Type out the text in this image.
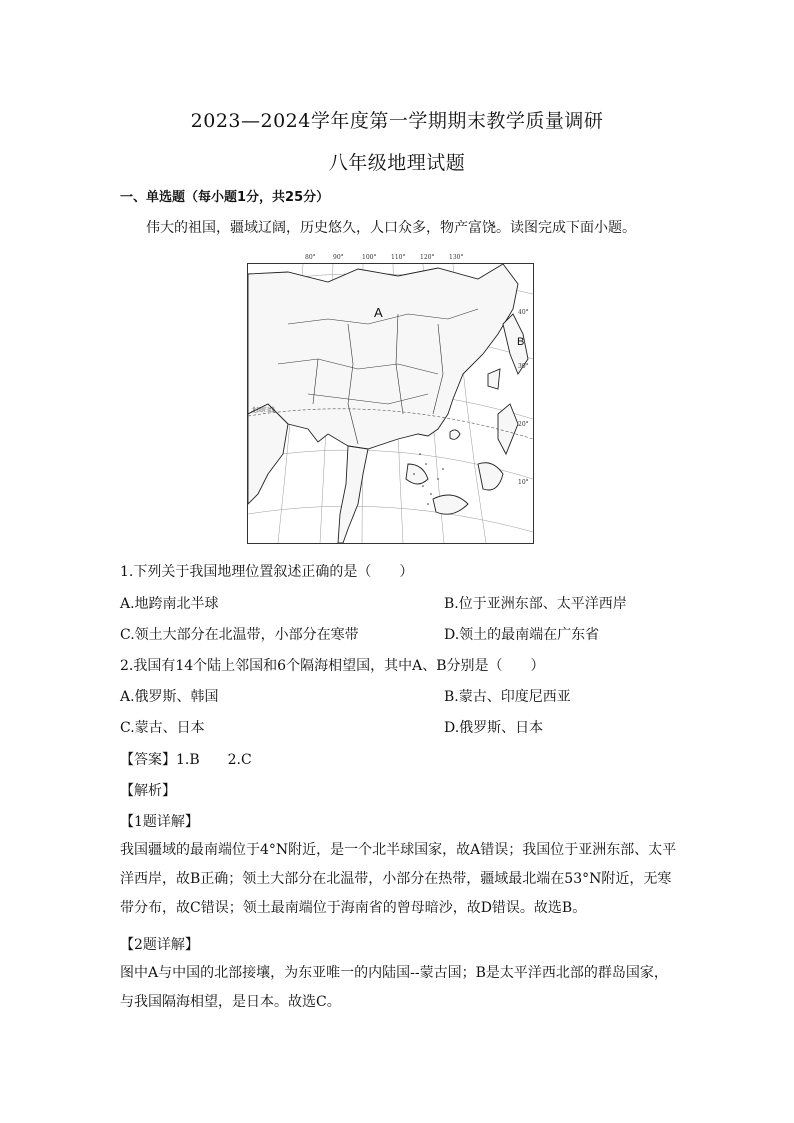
2023—2024学年度第一学期期末教学质量调研
八年级地理试题
一、单选题（每小题1分，共25分）
伟大的祖国，疆域辽阔，历史悠久，人口众多，物产富饶。读图完成下面小题。
80°	90°	100° 110° 120° 130°
北回归线
A
B
40°
30°
20°
10°
1.下列关于我国地理位置叙述正确的是（　　）
A.地跨南北半球	B.位于亚洲东部、太平洋西岸
C.领土大部分在北温带，小部分在寒带	D.领土的最南端在广东省
2.我国有14个陆上邻国和6个隔海相望国，其中A、B分别是（　　）
A.俄罗斯、韩国	B.蒙古、印度尼西亚
C.蒙古、日本	D.俄罗斯、日本
【答案】1.B　　2.C
【解析】
【1题详解】
我国疆域的最南端位于4°N附近，是一个北半球国家，故A错误；我国位于亚洲东部、太平洋西岸，故B正确；领土大部分在北温带，小部分在热带，疆域最北端在53°N附近，无寒带分布，故C错误；领土最南端位于海南省的曾母暗沙，故D错误。故选B。
【2题详解】
图中A与中国的北部接壤，为东亚唯一的内陆国--蒙古国；B是太平洋西北部的群岛国家，与我国隔海相望，是日本。故选C。
